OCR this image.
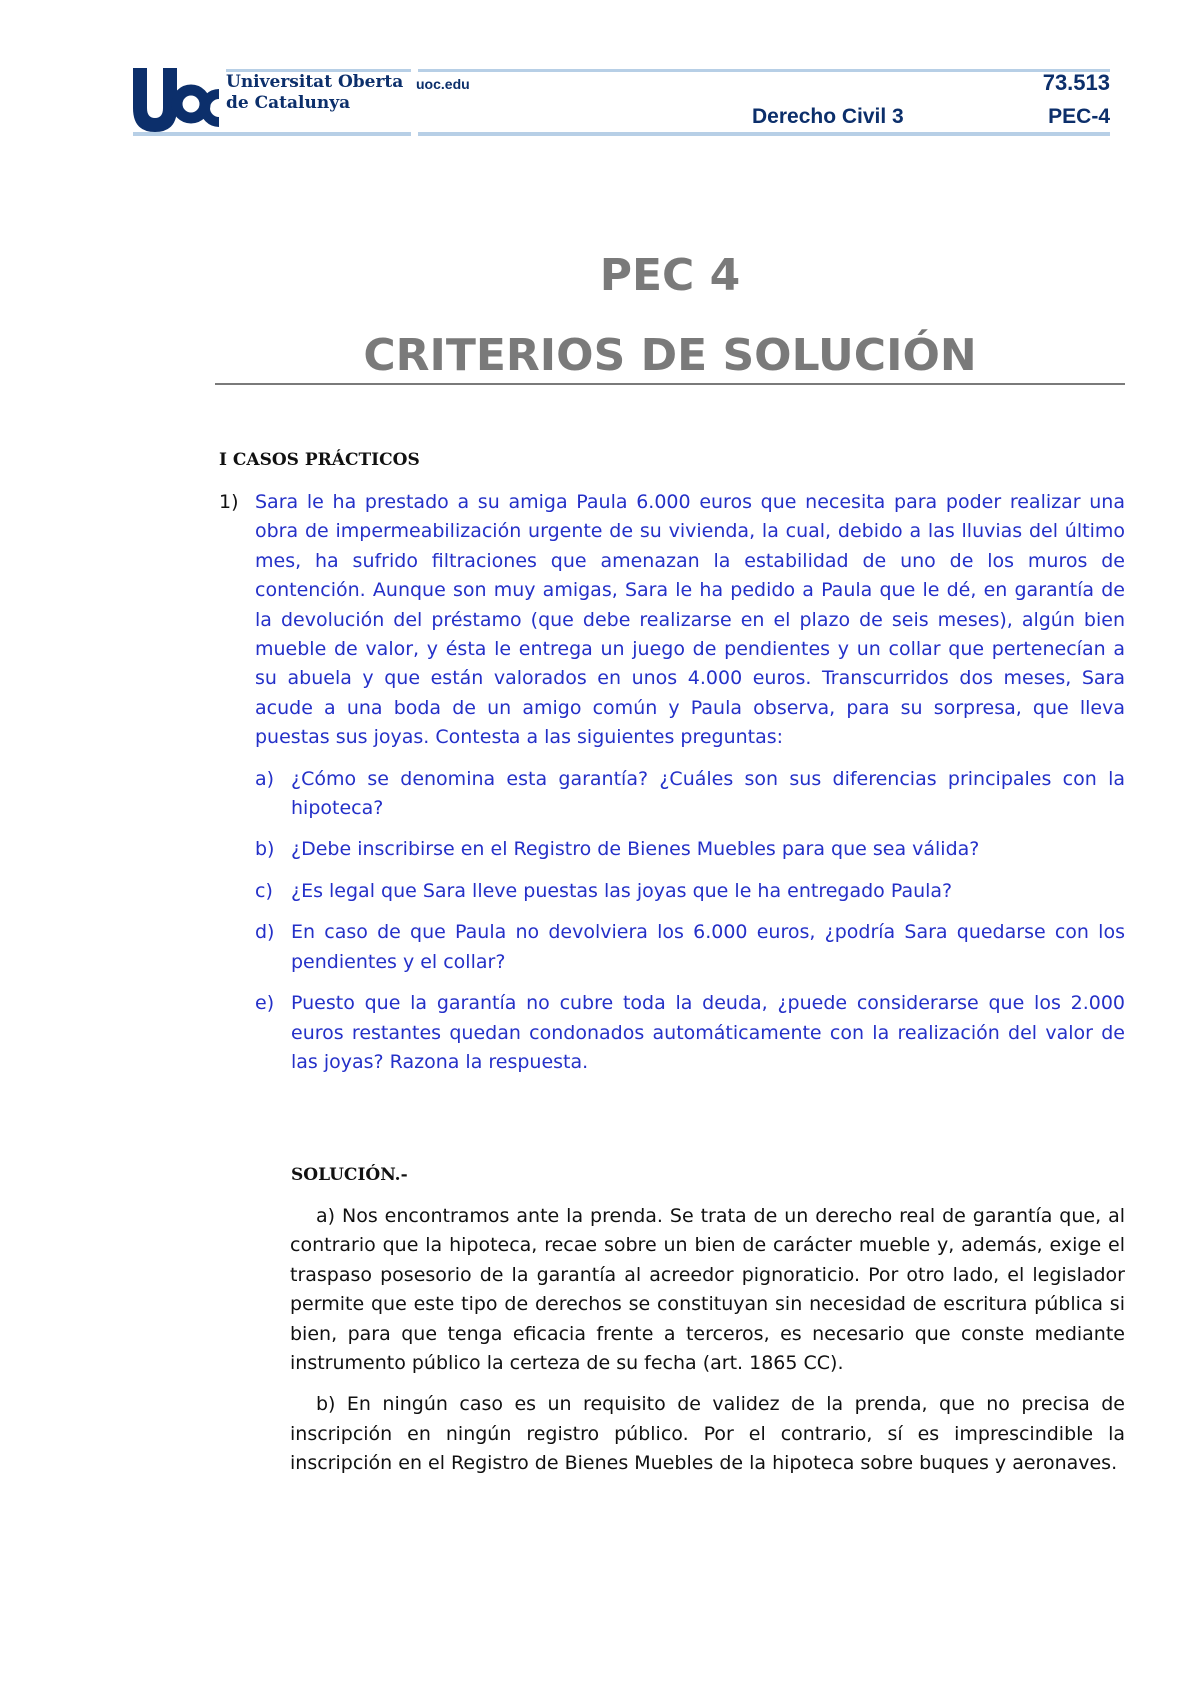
Universitat Oberta
de Catalunya
uoc.edu	73.513
Derecho Civil 3	PEC-4
PEC 4
CRITERIOS DE SOLUCIÓN
I CASOS PRÁCTICOS
1) Sara le ha prestado a su amiga Paula 6.000 euros que necesita para poder realizar una obra de impermeabilización urgente de su vivienda, la cual, debido a las lluvias del último mes, ha sufrido filtraciones que amenazan la estabilidad de uno de los muros de contención. Aunque son muy amigas, Sara le ha pedido a Paula que le dé, en garantía de la devolución del préstamo (que debe realizarse en el plazo de seis meses), algún bien mueble de valor, y ésta le entrega un juego de pendientes y un collar que pertenecían a su abuela y que están valorados en unos 4.000 euros. Transcurridos dos meses, Sara acude a una boda de un amigo común y Paula observa, para su sorpresa, que lleva puestas sus joyas. Contesta a las siguientes preguntas:
a) ¿Cómo se denomina esta garantía? ¿Cuáles son sus diferencias principales con la hipoteca?
b) ¿Debe inscribirse en el Registro de Bienes Muebles para que sea válida?
c) ¿Es legal que Sara lleve puestas las joyas que le ha entregado Paula?
d) En caso de que Paula no devolviera los 6.000 euros, ¿podría Sara quedarse con los pendientes y el collar?
e) Puesto que la garantía no cubre toda la deuda, ¿puede considerarse que los 2.000 euros restantes quedan condonados automáticamente con la realización del valor de las joyas? Razona la respuesta.
SOLUCIÓN.-

a) Nos encontramos ante la prenda. Se trata de un derecho real de garantía que, al contrario que la hipoteca, recae sobre un bien de carácter mueble y, además, exige el traspaso posesorio de la garantía al acreedor pignoraticio. Por otro lado, el legislador permite que este tipo de derechos se constituyan sin necesidad de escritura pública si bien, para que tenga eficacia frente a terceros, es necesario que conste mediante instrumento público la certeza de su fecha (art. 1865 CC).

b) En ningún caso es un requisito de validez de la prenda, que no precisa de inscripción en ningún registro público. Por el contrario, sí es imprescindible la inscripción en el Registro de Bienes Muebles de la hipoteca sobre buques y aeronaves.
